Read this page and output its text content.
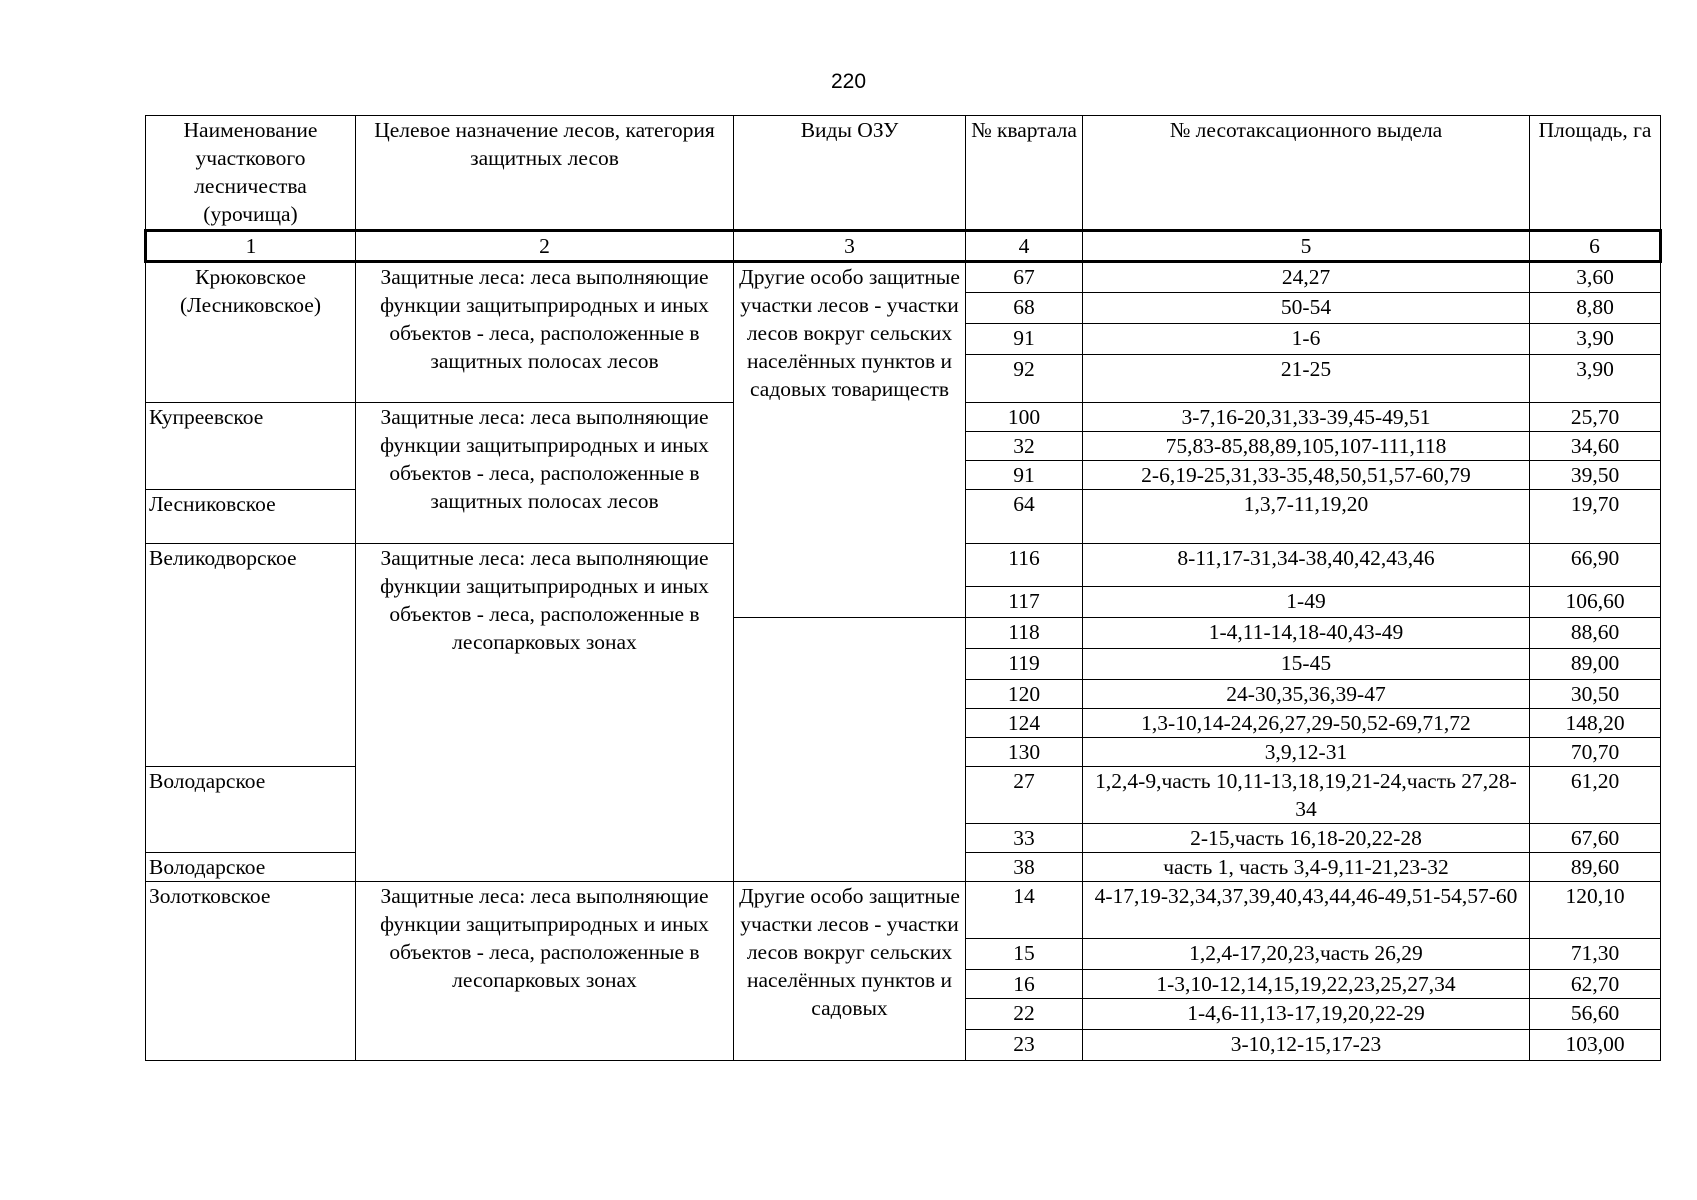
220
Наименование участкового лесничества (урочища)	Целевое назначение лесов, категория защитных лесов	Виды ОЗУ	№ квартала	№ лесотаксационного выдела	Площадь, га
1	2	3	4	5	6
Крюковское (Лесниковское)	Защитные леса: леса выполняющие функции защитыприродных и иных объектов - леса, расположенные в защитных полосах лесов	Другие особо защитные участки лесов - участки лесов вокруг сельских населённых пунктов и садовых товариществ	67	24,27	3,60
			68	50-54	8,80
			91	1-6	3,90
			92	21-25	3,90
Купреевское	Защитные леса: леса выполняющие функции защитыприродных и иных объектов - леса, расположенные в защитных полосах лесов		100	3-7,16-20,31,33-39,45-49,51	25,70
			32	75,83-85,88,89,105,107-111,118	34,60
			91	2-6,19-25,31,33-35,48,50,51,57-60,79	39,50
Лесниковское			64	1,3,7-11,19,20	19,70
Великодворское	Защитные леса: леса выполняющие функции защитыприродных и иных объектов - леса, расположенные в лесопарковых зонах		116	8-11,17-31,34-38,40,42,43,46	66,90
			117	1-49	106,60
			118	1-4,11-14,18-40,43-49	88,60
			119	15-45	89,00
			120	24-30,35,36,39-47	30,50
			124	1,3-10,14-24,26,27,29-50,52-69,71,72	148,20
			130	3,9,12-31	70,70
Володарское			27	1,2,4-9,часть 10,11-13,18,19,21-24,часть 27,28-34	61,20
			33	2-15,часть 16,18-20,22-28	67,60
Володарское			38	часть 1, часть 3,4-9,11-21,23-32	89,60
Золотковское	Защитные леса: леса выполняющие функции защитыприродных и иных объектов - леса, расположенные в лесопарковых зонах	Другие особо защитные участки лесов - участки лесов вокруг сельских населённых пунктов и садовых	14	4-17,19-32,34,37,39,40,43,44,46-49,51-54,57-60	120,10
			15	1,2,4-17,20,23,часть 26,29	71,30
			16	1-3,10-12,14,15,19,22,23,25,27,34	62,70
			22	1-4,6-11,13-17,19,20,22-29	56,60
			23	3-10,12-15,17-23	103,00
